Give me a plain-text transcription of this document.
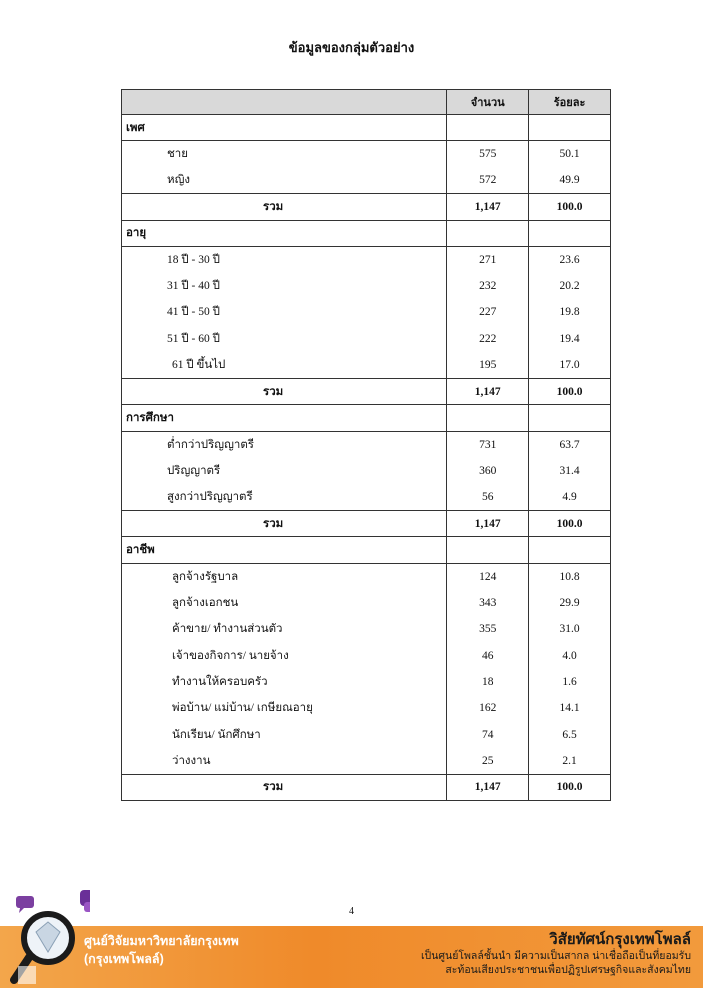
ข้อมูลของกลุ่มตัวอย่าง
	จำนวน	ร้อยละ
เพศ		
ชาย	575	50.1
หญิง	572	49.9
รวม	1,147	100.0
อายุ		
18 ปี - 30 ปี	271	23.6
31 ปี - 40 ปี	232	20.2
41 ปี - 50 ปี	227	19.8
51 ปี - 60 ปี	222	19.4
61 ปี ขึ้นไป	195	17.0
รวม	1,147	100.0
การศึกษา		
ต่ำกว่าปริญญาตรี	731	63.7
ปริญญาตรี	360	31.4
สูงกว่าปริญญาตรี	56	4.9
รวม	1,147	100.0
อาชีพ		
ลูกจ้างรัฐบาล	124	10.8
ลูกจ้างเอกชน	343	29.9
ค้าขาย/ ทำงานส่วนตัว	355	31.0
เจ้าของกิจการ/ นายจ้าง	46	4.0
ทำงานให้ครอบครัว	18	1.6
พ่อบ้าน/ แม่บ้าน/ เกษียณอายุ	162	14.1
นักเรียน/ นักศึกษา	74	6.5
ว่างงาน	25	2.1
รวม	1,147	100.0
4
ศูนย์วิจัยมหาวิทยาลัยกรุงเทพ
(กรุงเทพโพลล์)
วิสัยทัศน์กรุงเทพโพลล์
เป็นศูนย์โพลล์ชั้นนำ มีความเป็นสากล น่าเชื่อถือเป็นที่ยอมรับ
สะท้อนเสียงประชาชนเพื่อปฏิรูปเศรษฐกิจและสังคมไทย
